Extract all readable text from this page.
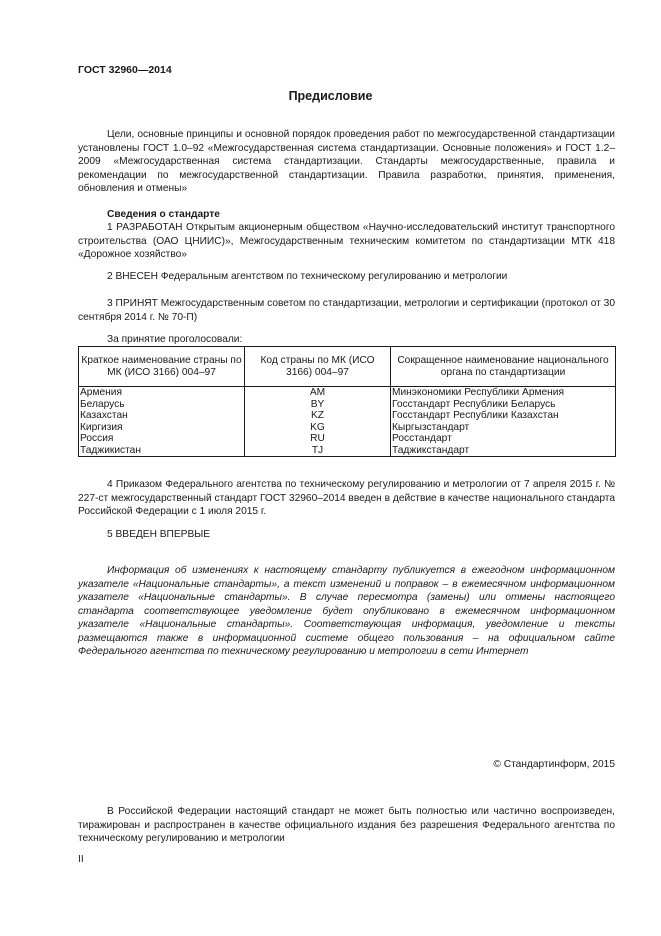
ГОСТ 32960—2014
Предисловие
Цели, основные принципы и основной порядок проведения работ по межгосударственной стандартизации установлены ГОСТ 1.0–92 «Межгосударственная система стандартизации. Основные положения» и ГОСТ 1.2–2009 «Межгосударственная система стандартизации. Стандарты межгосударственные, правила и рекомендации по межгосударственной стандартизации. Правила разработки, принятия, применения, обновления и отмены»
Сведения о стандарте
1 РАЗРАБОТАН Открытым акционерным обществом «Научно-исследовательский институт транспортного строительства (ОАО ЦНИИС)», Межгосударственным техническим комитетом по стандартизации МТК 418 «Дорожное хозяйство»
2 ВНЕСЕН Федеральным агентством по техническому регулированию и метрологии
3 ПРИНЯТ Межгосударственным советом по стандартизации, метрологии и сертификации (протокол от 30 сентября 2014 г. № 70-П)
За принятие проголосовали:
Краткое наименование страны по МК (ИСО 3166) 004–97	Код страны по МК (ИСО 3166) 004–97	Сокращенное наименование национального органа по стандартизации
Армения	AM	Минэкономики Республики Армения
Беларусь	BY	Госстандарт Республики Беларусь
Казахстан	KZ	Госстандарт Республики Казахстан
Киргизия	KG	Кыргызстандарт
Россия	RU	Росстандарт
Таджикистан	TJ	Таджикстандарт
4 Приказом Федерального агентства по техническому регулированию и метрологии от 7 апреля 2015 г. № 227-ст межгосударственный стандарт ГОСТ 32960–2014 введен в действие в качестве национального стандарта Российской Федерации с 1 июля 2015 г.
5 ВВЕДЕН ВПЕРВЫЕ
Информация об изменениях к настоящему стандарту публикуется в ежегодном информационном указателе «Национальные стандарты», а текст изменений и поправок – в ежемесячном информационном указателе «Национальные стандарты». В случае пересмотра (замены) или отмены настоящего стандарта соответствующее уведомление будет опубликовано в ежемесячном информационном указателе «Национальные стандарты». Соответствующая информация, уведомление и тексты размещаются также в информационной системе общего пользования – на официальном сайте Федерального агентства по техническому регулированию и метрологии в сети Интернет
© Стандартинформ, 2015
В Российской Федерации настоящий стандарт не может быть полностью или частично воспроизведен, тиражирован и распространен в качестве официального издания без разрешения Федерального агентства по техническому регулированию и метрологии
II
